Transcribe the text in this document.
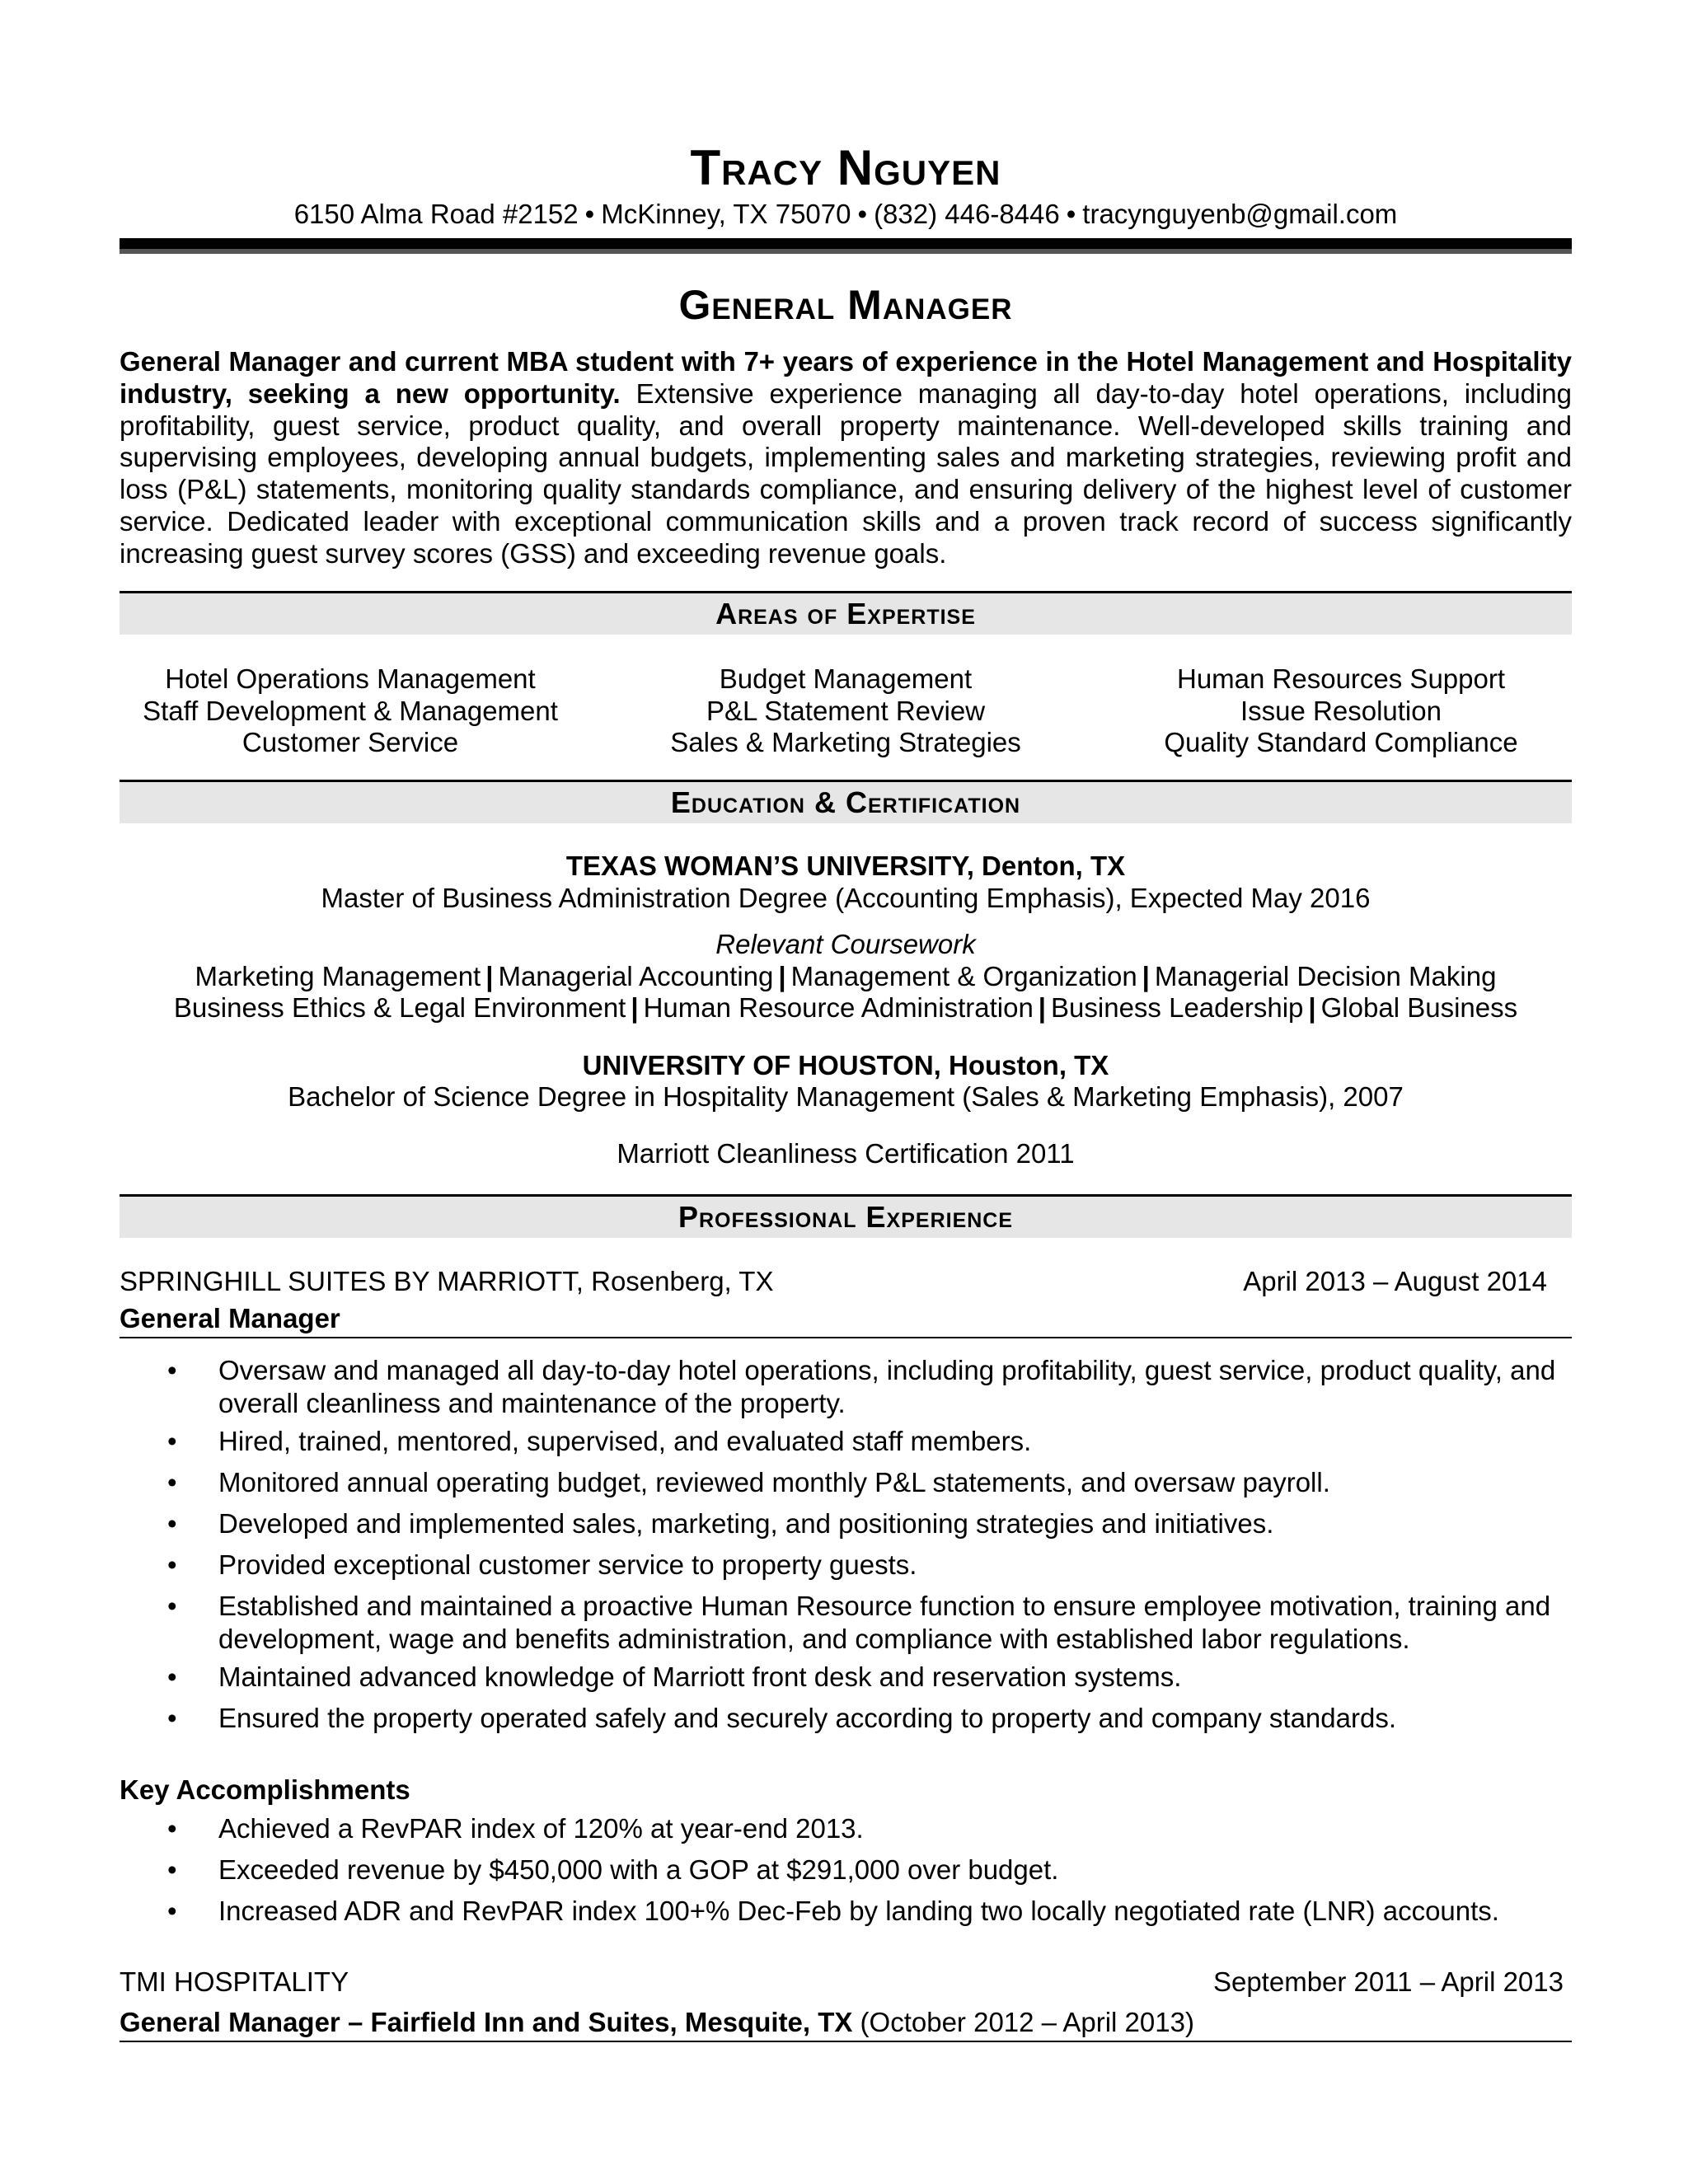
Tracy Nguyen
6150 Alma Road #2152 • McKinney, TX 75070 • (832) 446-8446 • tracynguyenb@gmail.com
General Manager
General Manager and current MBA student with 7+ years of experience in the Hotel Management and Hospitality industry, seeking a new opportunity. Extensive experience managing all day-to-day hotel operations, including profitability, guest service, product quality, and overall property maintenance. Well-developed skills training and supervising employees, developing annual budgets, implementing sales and marketing strategies, reviewing profit and loss (P&L) statements, monitoring quality standards compliance, and ensuring delivery of the highest level of customer service. Dedicated leader with exceptional communication skills and a proven track record of success significantly increasing guest survey scores (GSS) and exceeding revenue goals.
Areas of Expertise
Hotel Operations Management
Staff Development & Management
Customer Service
Budget Management
P&L Statement Review
Sales & Marketing Strategies
Human Resources Support
Issue Resolution
Quality Standard Compliance
Education & Certification
TEXAS WOMAN’S UNIVERSITY, Denton, TX
Master of Business Administration Degree (Accounting Emphasis), Expected May 2016
Relevant Coursework
Marketing Management | Managerial Accounting | Management & Organization | Managerial Decision Making
Business Ethics & Legal Environment | Human Resource Administration | Business Leadership | Global Business
UNIVERSITY OF HOUSTON, Houston, TX
Bachelor of Science Degree in Hospitality Management (Sales & Marketing Emphasis), 2007
Marriott Cleanliness Certification 2011
Professional Experience
SPRINGHILL SUITES BY MARRIOTT, Rosenberg, TX	April 2013 – August 2014
General Manager
• Oversaw and managed all day-to-day hotel operations, including profitability, guest service, product quality, and overall cleanliness and maintenance of the property.
• Hired, trained, mentored, supervised, and evaluated staff members.
• Monitored annual operating budget, reviewed monthly P&L statements, and oversaw payroll.
• Developed and implemented sales, marketing, and positioning strategies and initiatives.
• Provided exceptional customer service to property guests.
• Established and maintained a proactive Human Resource function to ensure employee motivation, training and development, wage and benefits administration, and compliance with established labor regulations.
• Maintained advanced knowledge of Marriott front desk and reservation systems.
• Ensured the property operated safely and securely according to property and company standards.
Key Accomplishments
• Achieved a RevPAR index of 120% at year-end 2013.
• Exceeded revenue by $450,000 with a GOP at $291,000 over budget.
• Increased ADR and RevPAR index 100+% Dec-Feb by landing two locally negotiated rate (LNR) accounts.
TMI HOSPITALITY	September 2011 – April 2013
General Manager – Fairfield Inn and Suites, Mesquite, TX (October 2012 – April 2013)
